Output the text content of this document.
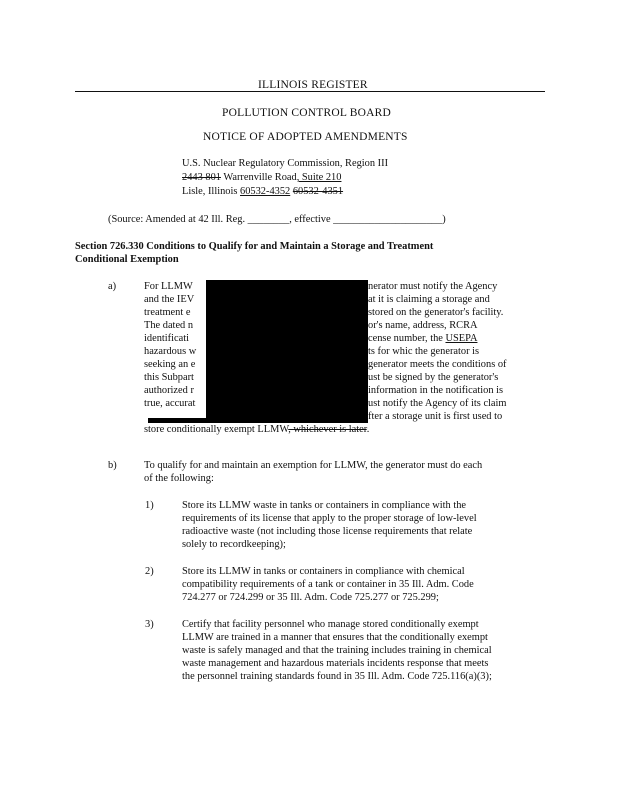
ILLINOIS REGISTER
POLLUTION CONTROL BOARD
NOTICE OF ADOPTED AMENDMENTS
U.S. Nuclear Regulatory Commission, Region III
2443 801 Warrenville Road, Suite 210
Lisle, Illinois 60532-4352 60532-4351
(Source: Amended at 42 Ill. Reg. ________, effective _____________________)
Section 726.330 Conditions to Qualify for and Maintain a Storage and Treatment
Conditional Exemption
a)	For LLMW	nerator must notify the Agency
and the IEV	at it is claiming a storage and
treatment e	stored on the generator's facility.
The dated n	or's name, address, RCRA
identificati	cense number, the USEPA
hazardous w	ts for whic the generator is
seeking an e	generator meets the conditions of
this Subpart	ust be signed by the generator's
authorized r	information in the notification is
true, accurat	ust notify the Agency of its claim
fter a storage unit is first used to
store conditionally exempt LLMW, whichever is later.
b)	To qualify for and maintain an exemption for LLMW, the generator must do each
of the following:
1)	Store its LLMW waste in tanks or containers in compliance with the
requirements of its license that apply to the proper storage of low-level
radioactive waste (not including those license requirements that relate
solely to recordkeeping);
2)	Store its LLMW in tanks or containers in compliance with chemical
compatibility requirements of a tank or container in 35 Ill. Adm. Code
724.277 or 724.299 or 35 Ill. Adm. Code 725.277 or 725.299;
3)	Certify that facility personnel who manage stored conditionally exempt
LLMW are trained in a manner that ensures that the conditionally exempt
waste is safely managed and that the training includes training in chemical
waste management and hazardous materials incidents response that meets
the personnel training standards found in 35 Ill. Adm. Code 725.116(a)(3);
